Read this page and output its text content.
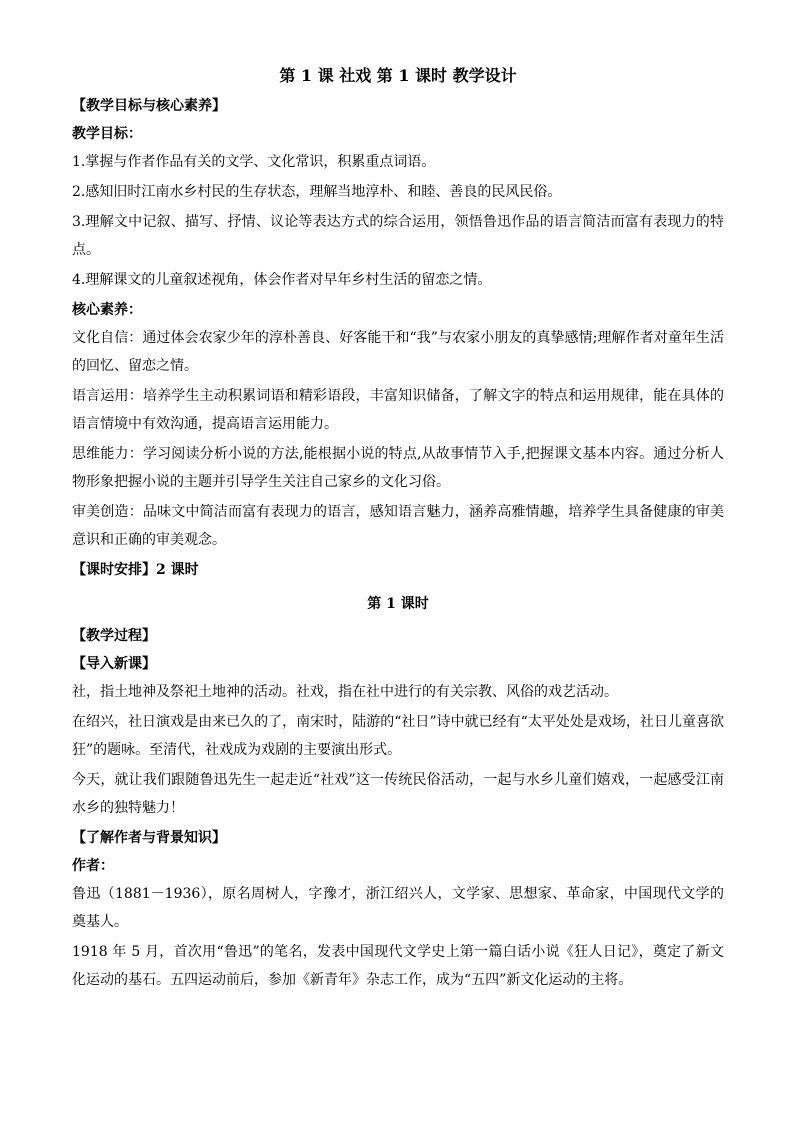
第 1 课 社戏 第 1 课时 教学设计
【教学目标与核心素养】
教学目标：
1.掌握与作者作品有关的文学、文化常识，积累重点词语。
2.感知旧时江南水乡村民的生存状态，理解当地淳朴、和睦、善良的民风民俗。
3.理解文中记叙、描写、抒情、议论等表达方式的综合运用，领悟鲁迅作品的语言简洁而富有表现力的特点。
4.理解课文的儿童叙述视角，体会作者对早年乡村生活的留恋之情。
核心素养：
文化自信：通过体会农家少年的淳朴善良、好客能干和“我”与农家小朋友的真挚感情;理解作者对童年生活的回忆、留恋之情。
语言运用：培养学生主动积累词语和精彩语段，丰富知识储备，了解文字的特点和运用规律，能在具体的语言情境中有效沟通，提高语言运用能力。
思维能力：学习阅读分析小说的方法,能根据小说的特点,从故事情节入手,把握课文基本内容。通过分析人物形象把握小说的主题并引导学生关注自己家乡的文化习俗。
审美创造：品味文中简洁而富有表现力的语言，感知语言魅力，涵养高雅情趣，培养学生具备健康的审美意识和正确的审美观念。
【课时安排】2 课时
第 1 课时
【教学过程】
【导入新课】
社，指土地神及祭祀土地神的活动。社戏，指在社中进行的有关宗教、风俗的戏艺活动。
在绍兴，社日演戏是由来已久的了，南宋时，陆游的“社日”诗中就已经有“太平处处是戏场，社日儿童喜欲狂”的题咏。至清代，社戏成为戏剧的主要演出形式。
今天，就让我们跟随鲁迅先生一起走近“社戏”这一传统民俗活动，一起与水乡儿童们嬉戏，一起感受江南水乡的独特魅力！
【了解作者与背景知识】
作者：
鲁迅（1881－1936），原名周树人，字豫才，浙江绍兴人，文学家、思想家、革命家，中国现代文学的奠基人。
1918 年 5 月，首次用“鲁迅”的笔名，发表中国现代文学史上第一篇白话小说《狂人日记》，奠定了新文化运动的基石。五四运动前后，参加《新青年》杂志工作，成为“五四”新文化运动的主将。
